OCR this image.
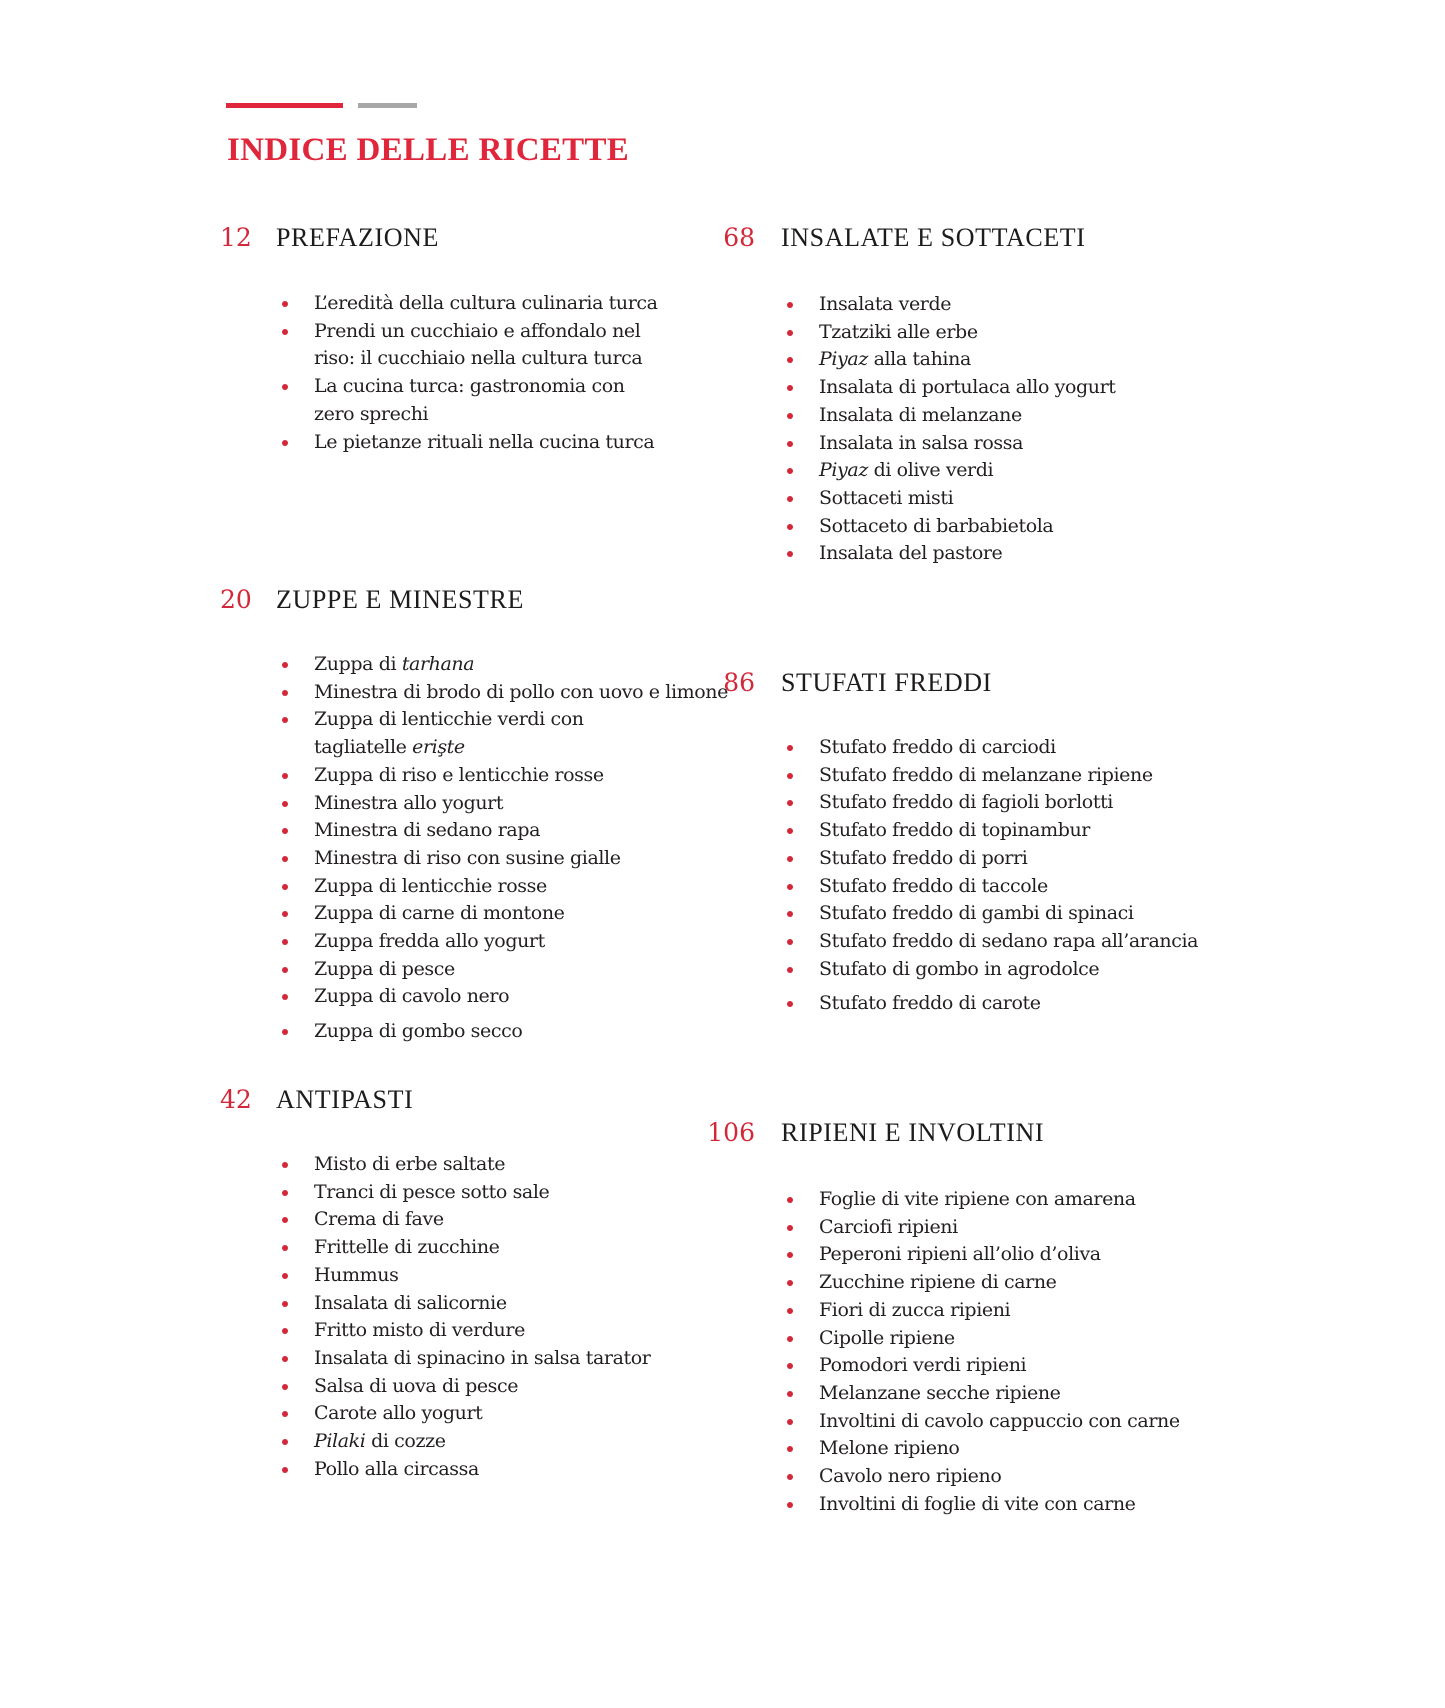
INDICE DELLE RICETTE
12 PREFAZIONE
L’eredità della cultura culinaria turca
Prendi un cucchiaio e affondalo nel riso: il cucchiaio nella cultura turca
La cucina turca: gastronomia con zero sprechi
Le pietanze rituali nella cucina turca
20 ZUPPE E MINESTRE
Zuppa di tarhana
Minestra di brodo di pollo con uovo e limone
Zuppa di lenticchie verdi con tagliatelle erişte
Zuppa di riso e lenticchie rosse
Minestra allo yogurt
Minestra di sedano rapa
Minestra di riso con susine gialle
Zuppa di lenticchie rosse
Zuppa di carne di montone
Zuppa fredda allo yogurt
Zuppa di pesce
Zuppa di cavolo nero
Zuppa di gombo secco
42 ANTIPASTI
Misto di erbe saltate
Tranci di pesce sotto sale
Crema di fave
Frittelle di zucchine
Hummus
Insalata di salicornie
Fritto misto di verdure
Insalata di spinacino in salsa tarator
Salsa di uova di pesce
Carote allo yogurt
Pilaki di cozze
Pollo alla circassa
68 INSALATE E SOTTACETI
Insalata verde
Tzatziki alle erbe
Piyaz alla tahina
Insalata di portulaca allo yogurt
Insalata di melanzane
Insalata in salsa rossa
Piyaz di olive verdi
Sottaceti misti
Sottaceto di barbabietola
Insalata del pastore
86 STUFATI FREDDI
Stufato freddo di carciodi
Stufato freddo di melanzane ripiene
Stufato freddo di fagioli borlotti
Stufato freddo di topinambur
Stufato freddo di porri
Stufato freddo di taccole
Stufato freddo di gambi di spinaci
Stufato freddo di sedano rapa all’arancia
Stufato di gombo in agrodolce
Stufato freddo di carote
106 RIPIENI E INVOLTINI
Foglie di vite ripiene con amarena
Carciofi ripieni
Peperoni ripieni all’olio d’oliva
Zucchine ripiene di carne
Fiori di zucca ripieni
Cipolle ripiene
Pomodori verdi ripieni
Melanzane secche ripiene
Involtini di cavolo cappuccio con carne
Melone ripieno
Cavolo nero ripieno
Involtini di foglie di vite con carne
